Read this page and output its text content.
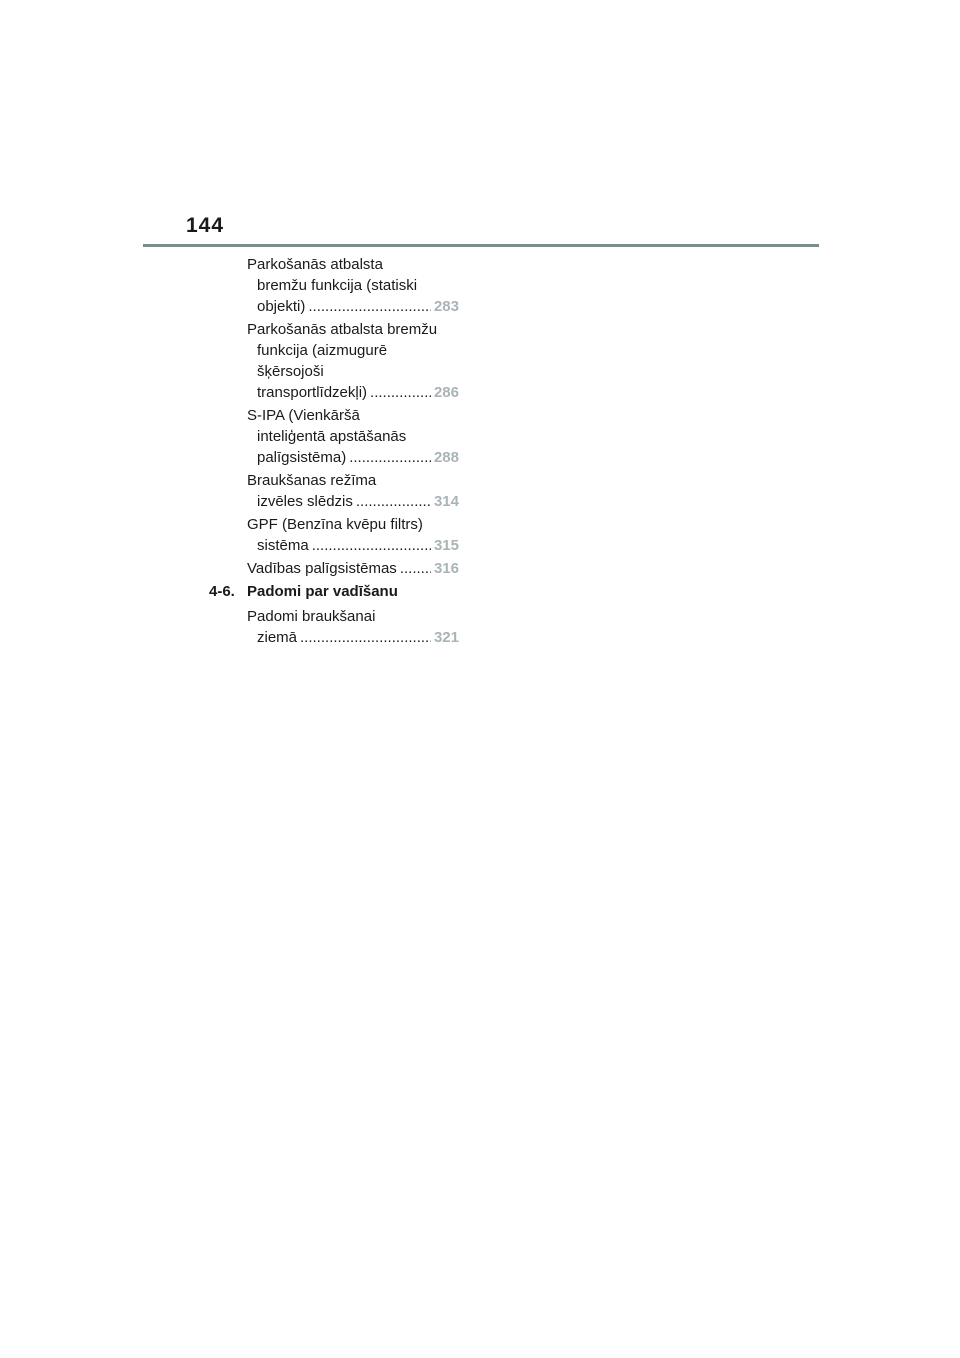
144
Parkošanās atbalsta
bremžu funkcija (statiski
objekti) .....	283
Parkošanās atbalsta bremžu
funkcija (aizmugurē
šķērsojoši
transportlīdzekļi) .....	286
S-IPA (Vienkāršā
inteliģentā apstāšanās
palīgsistēma) .....	288
Braukšanas režīma
izvēles slēdzis .....	314
GPF (Benzīna kvēpu filtrs)
sistēma .....	315
Vadības palīgsistēmas ..... 316
4-6. Padomi par vadīšanu
Padomi braukšanai
ziemā .....	321
